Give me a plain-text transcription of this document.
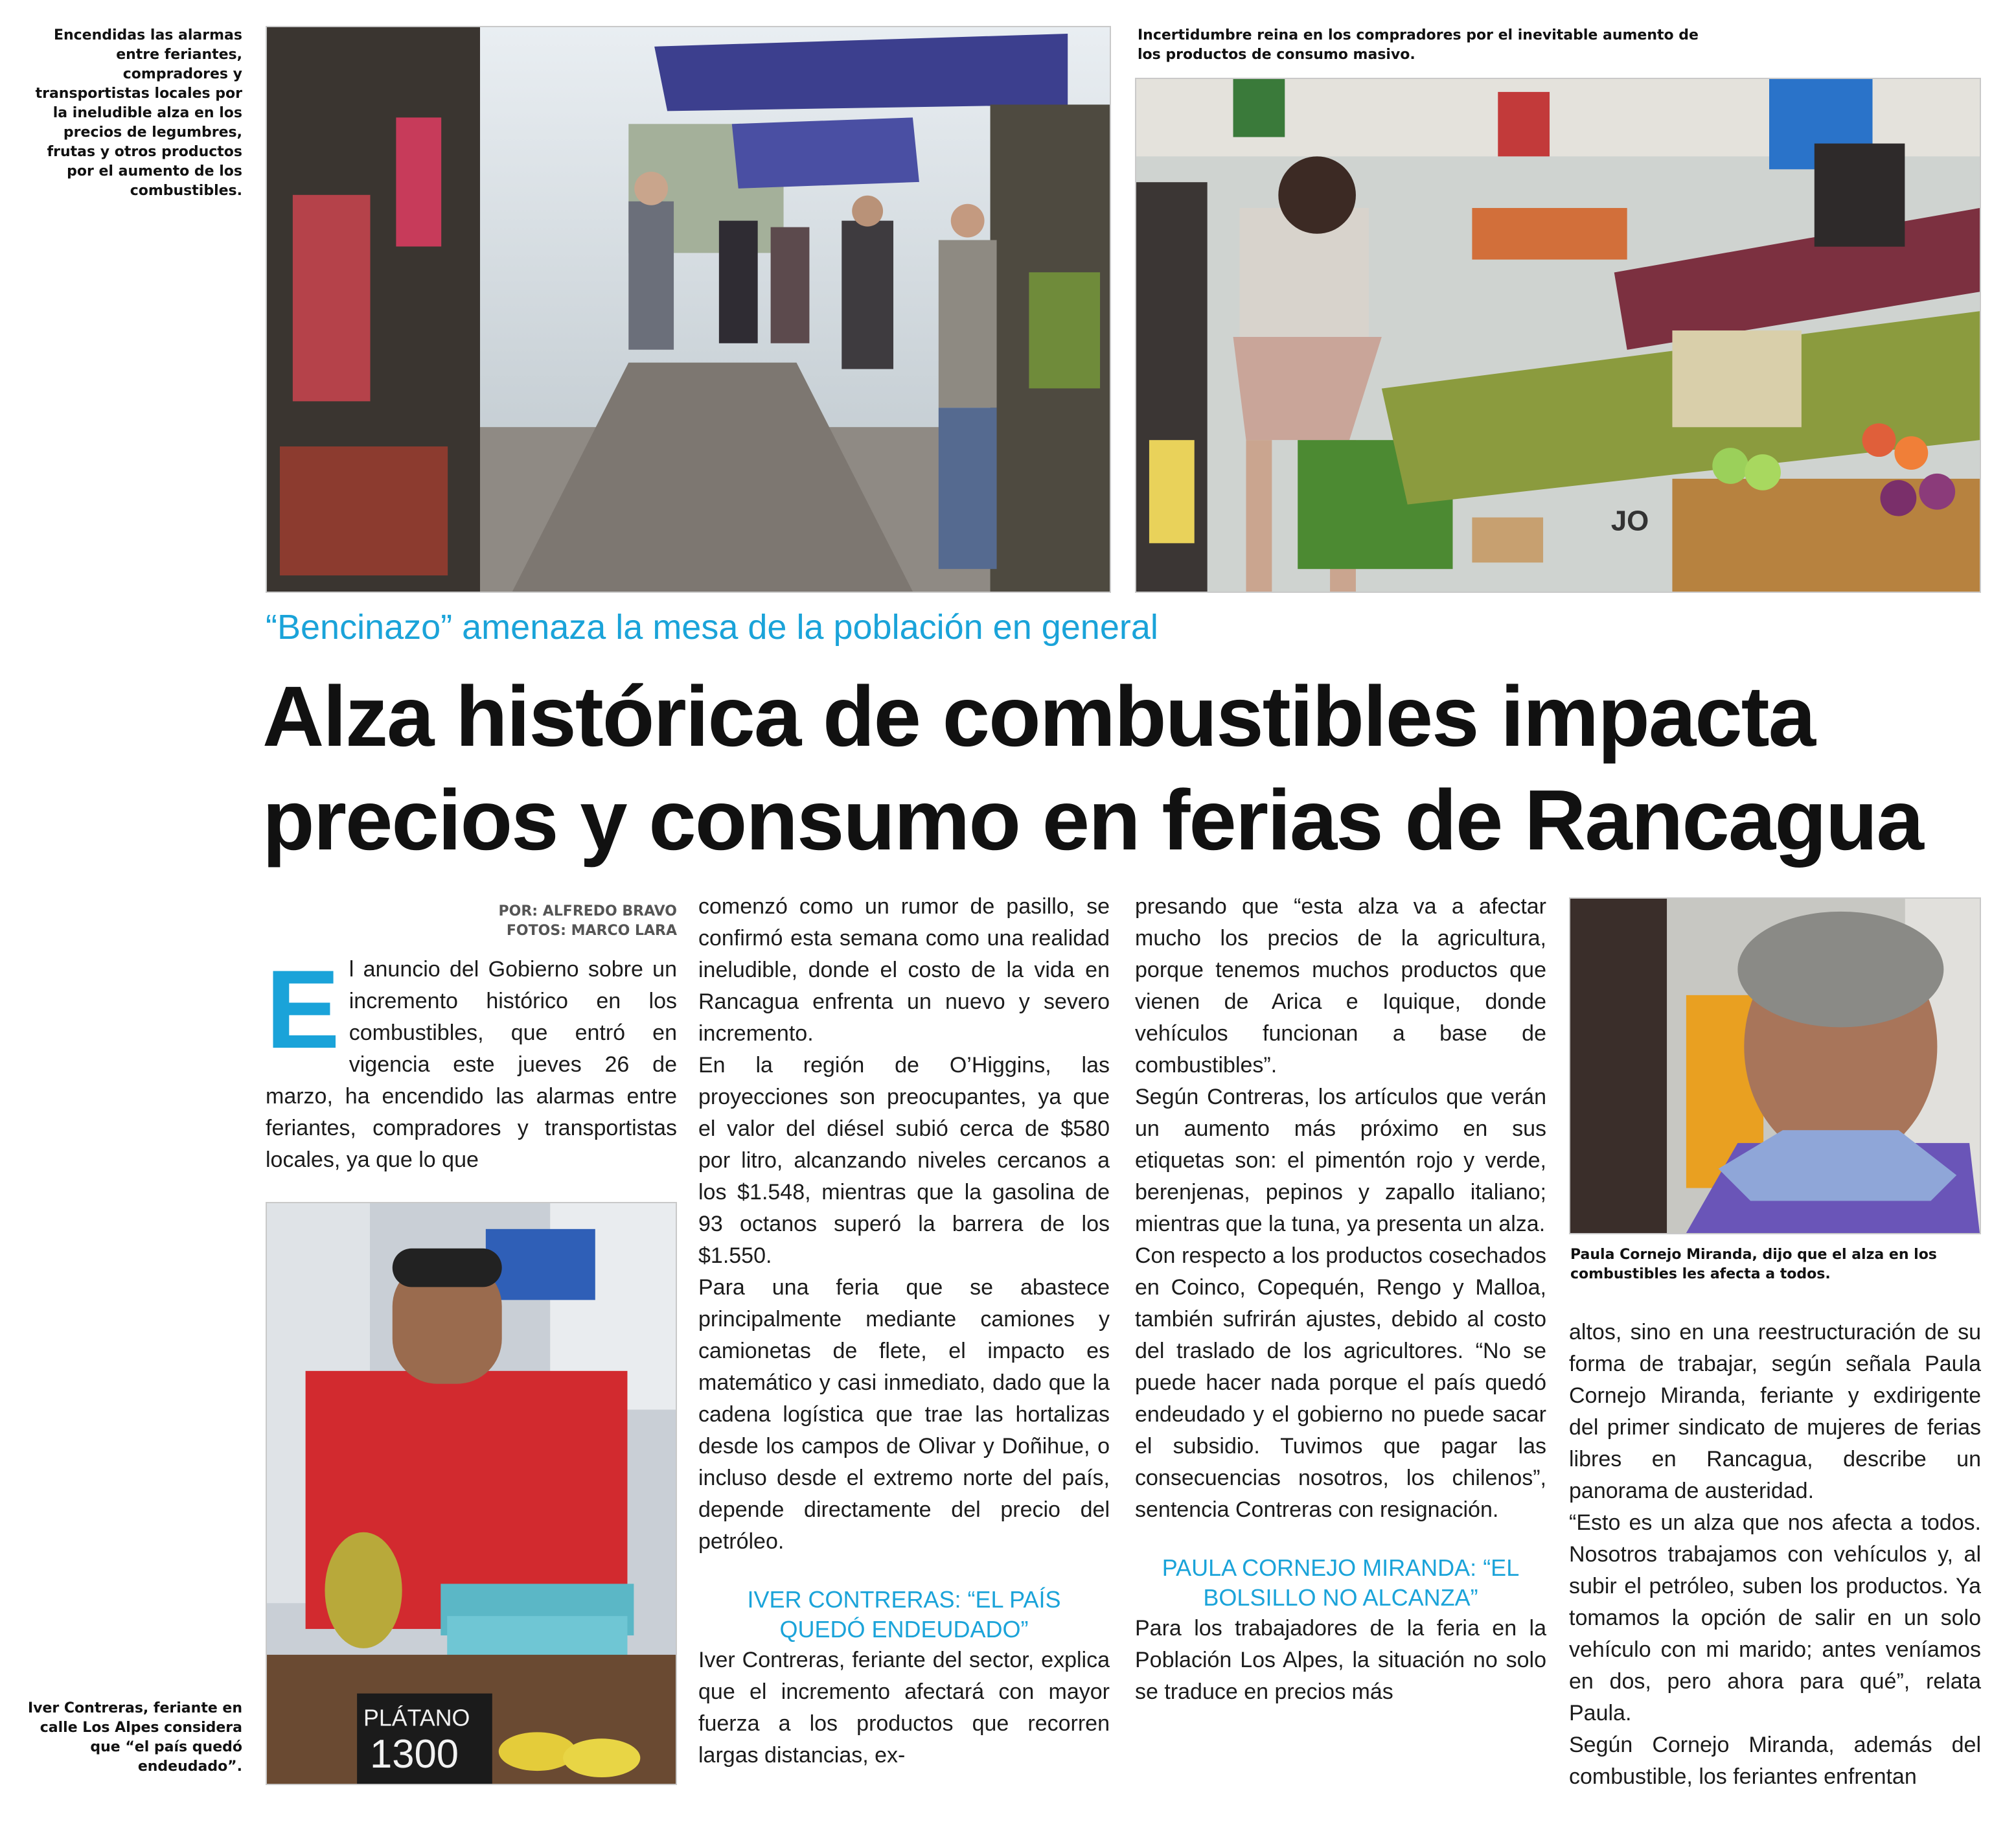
Encendidas las alarmas entre feriantes, compradores y transportistas locales por la ineludible alza en los precios de legumbres, frutas y otros productos por el aumento de los combustibles.
Incertidumbre reina en los compradores por el inevitable aumento de los productos de consumo masivo.
JO
“Bencinazo” amenaza la mesa de la población en general
Alza histórica de combustibles impacta
precios y consumo en ferias de Rancagua
POR: ALFREDO BRAVO
FOTOS: MARCO LARA
E l anuncio del Gobierno sobre un incremento histórico en los combustibles, que entró en vigencia este jueves 26 de marzo, ha encendido las alarmas entre feriantes, compradores y transportistas locales, ya que lo que

PLÁTANO
1300
Iver Contreras, feriante en calle Los Alpes considera que “el país quedó endeudado”.

comenzó como un rumor de pasillo, se confirmó esta semana como una realidad ineludible, donde el costo de la vida en Rancagua enfrenta un nuevo y severo incremento.

En la región de O’Higgins, las proyecciones son preocupantes, ya que el valor del diésel subió cerca de $580 por litro, alcanzando niveles cercanos a los $1.548, mientras que la gasolina de 93 octanos superó la barrera de los $1.550.

Para una feria que se abastece principalmente mediante camiones y camionetas de flete, el impacto es matemático y casi inmediato, dado que la cadena logística que trae las hortalizas desde los campos de Olivar y Doñihue, o incluso desde el extremo norte del país, depende directamente del precio del petróleo.

IVER CONTRERAS: “EL PAÍS QUEDÓ ENDEUDADO”

Iver Contreras, feriante del sector, explica que el incremento afectará con mayor fuerza a los productos que recorren largas distancias, ex-

presando que “esta alza va a afectar mucho los precios de la agricultura, porque tenemos muchos productos que vienen de Arica e Iquique, donde vehículos funcionan a base de combustibles”.

Según Contreras, los artículos que verán un aumento más próximo en sus etiquetas son: el pimentón rojo y verde, berenjenas, pepinos y zapallo italiano; mientras que la tuna, ya presenta un alza.

Con respecto a los productos cosechados en Coinco, Copequén, Rengo y Malloa, también sufrirán ajustes, debido al costo del traslado de los agricultores. “No se puede hacer nada porque el país quedó endeudado y el gobierno no puede sacar el subsidio. Tuvimos que pagar las consecuencias nosotros, los chilenos”, sentencia Contreras con resignación.

PAULA CORNEJO MIRANDA: “EL BOLSILLO NO ALCANZA”

Para los trabajadores de la feria en la Población Los Alpes, la situación no solo se traduce en precios más

Paula Cornejo Miranda, dijo que el alza en los combustibles les afecta a todos.

altos, sino en una reestructuración de su forma de trabajar, según señala Paula Cornejo Miranda, feriante y exdirigente del primer sindicato de mujeres de ferias libres en Rancagua, describe un panorama de austeridad.

“Esto es un alza que nos afecta a todos. Nosotros trabajamos con vehículos y, al subir el petróleo, suben los productos. Ya tomamos la opción de salir en un solo vehículo con mi marido; antes veníamos en dos, pero ahora para qué”, relata Paula.

Según Cornejo Miranda, además del combustible, los feriantes enfrentan
